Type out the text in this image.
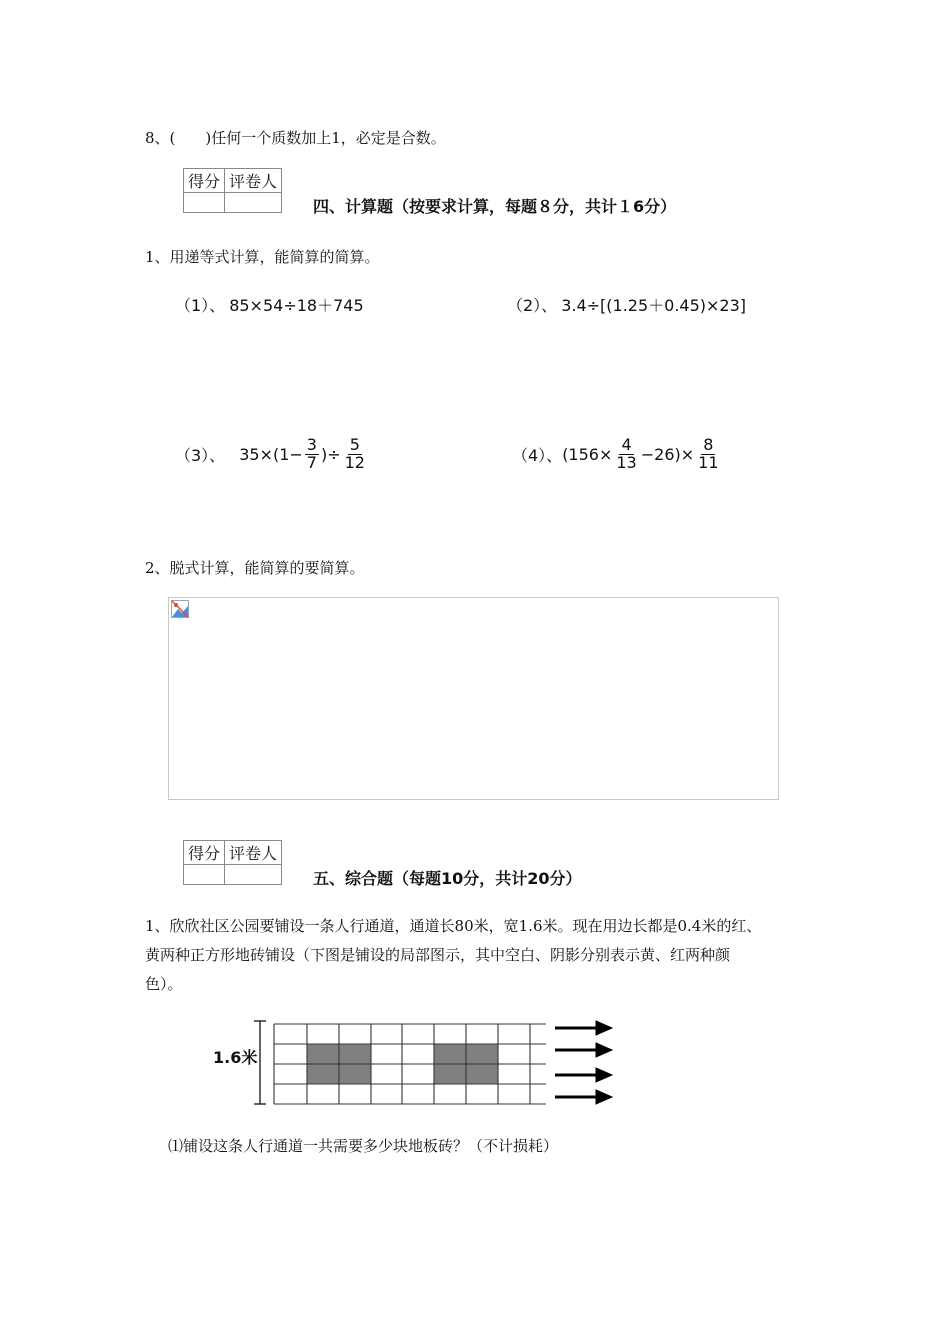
8、(　　)任何一个质数加上1，必定是合数。
得分	评卷人

四、计算题（按要求计算，每题８分，共计１6分）
1、用递等式计算，能简算的简算。
（1）、 85×54÷18＋745	（2）、 3.4÷[(1.25＋0.45)×23]
（3）、 $35\times(1- \frac{3}{7}$ )÷ $\frac{5}{12}$	（4）、 $(156\times \frac{4}{13} -26)\times \frac{8}{11}$
2、脱式计算，能简算的要简算。
得分	评卷人

五、综合题（每题10分，共计20分）
1、欣欣社区公园要铺设一条人行通道，通道长80米，宽1.6米。现在用边长都是0.4米的红、
黄两种正方形地砖铺设（下图是铺设的局部图示，其中空白、阴影分别表示黄、红两种颜
色）。
1.6米
⑴铺设这条人行通道一共需要多少块地板砖？（不计损耗）
